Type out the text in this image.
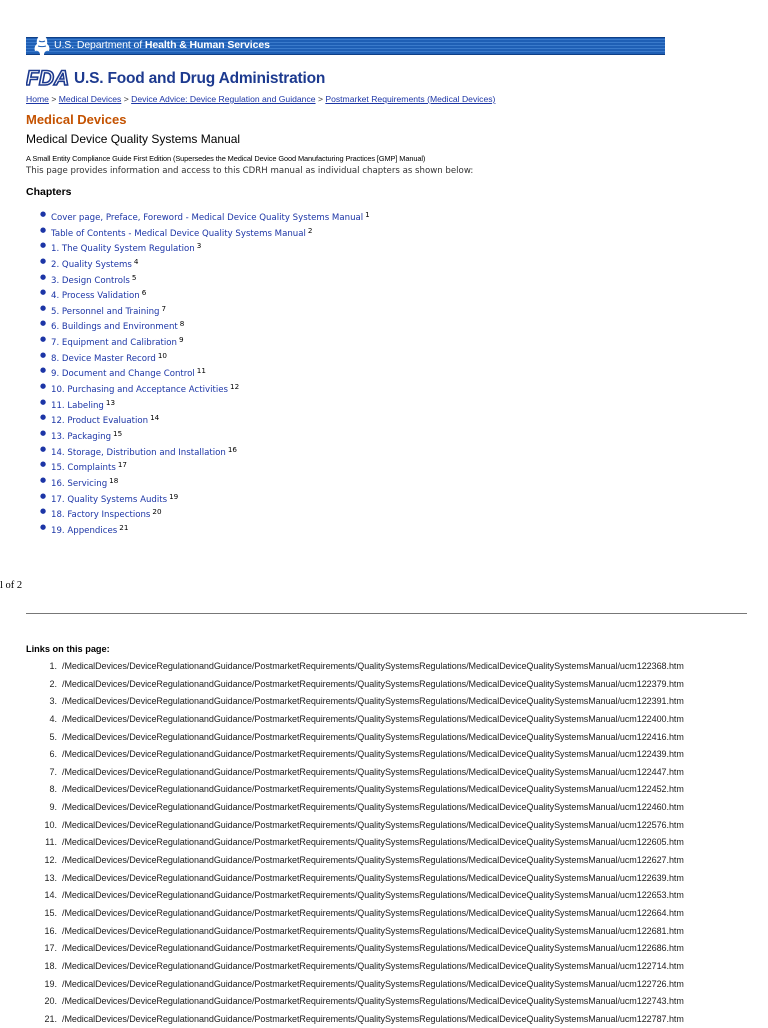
U.S. Department of Health & Human Services
FDA U.S. Food and Drug Administration
Home > Medical Devices > Device Advice: Device Regulation and Guidance > Postmarket Requirements (Medical Devices)
Medical Devices
Medical Device Quality Systems Manual
A Small Entity Compliance Guide First Edition (Supersedes the Medical Device Good Manufacturing Practices [GMP] Manual)
This page provides information and access to this CDRH manual as individual chapters as shown below:
Chapters
● Cover page, Preface, Foreword - Medical Device Quality Systems Manual $^1$
● Table of Contents - Medical Device Quality Systems Manual $^2$
● 1. The Quality System Regulation $^3$
● 2. Quality Systems $^4$
● 3. Design Controls $^5$
● 4. Process Validation $^6$
● 5. Personnel and Training $^7$
● 6. Buildings and Environment $^8$
● 7. Equipment and Calibration $^9$
● 8. Device Master Record $^{10}$
● 9. Document and Change Control $^{11}$
● 10. Purchasing and Acceptance Activities $^{12}$
● 11. Labeling $^{13}$
● 12. Product Evaluation $^{14}$
● 13. Packaging $^{15}$
● 14. Storage, Distribution and Installation $^{16}$
● 15. Complaints $^{17}$
● 16. Servicing $^{18}$
● 17. Quality Systems Audits $^{19}$
● 18. Factory Inspections $^{20}$
● 19. Appendices $^{21}$
l of 2
Links on this page:
1. /MedicalDevices/DeviceRegulationandGuidance/PostmarketRequirements/QualitySystemsRegulations/MedicalDeviceQualitySystemsManual/ucm122368.htm
2. /MedicalDevices/DeviceRegulationandGuidance/PostmarketRequirements/QualitySystemsRegulations/MedicalDeviceQualitySystemsManual/ucm122379.htm
3. /MedicalDevices/DeviceRegulationandGuidance/PostmarketRequirements/QualitySystemsRegulations/MedicalDeviceQualitySystemsManual/ucm122391.htm
4. /MedicalDevices/DeviceRegulationandGuidance/PostmarketRequirements/QualitySystemsRegulations/MedicalDeviceQualitySystemsManual/ucm122400.htm
5. /MedicalDevices/DeviceRegulationandGuidance/PostmarketRequirements/QualitySystemsRegulations/MedicalDeviceQualitySystemsManual/ucm122416.htm
6. /MedicalDevices/DeviceRegulationandGuidance/PostmarketRequirements/QualitySystemsRegulations/MedicalDeviceQualitySystemsManual/ucm122439.htm
7. /MedicalDevices/DeviceRegulationandGuidance/PostmarketRequirements/QualitySystemsRegulations/MedicalDeviceQualitySystemsManual/ucm122447.htm
8. /MedicalDevices/DeviceRegulationandGuidance/PostmarketRequirements/QualitySystemsRegulations/MedicalDeviceQualitySystemsManual/ucm122452.htm
9. /MedicalDevices/DeviceRegulationandGuidance/PostmarketRequirements/QualitySystemsRegulations/MedicalDeviceQualitySystemsManual/ucm122460.htm
10. /MedicalDevices/DeviceRegulationandGuidance/PostmarketRequirements/QualitySystemsRegulations/MedicalDeviceQualitySystemsManual/ucm122576.htm
11. /MedicalDevices/DeviceRegulationandGuidance/PostmarketRequirements/QualitySystemsRegulations/MedicalDeviceQualitySystemsManual/ucm122605.htm
12. /MedicalDevices/DeviceRegulationandGuidance/PostmarketRequirements/QualitySystemsRegulations/MedicalDeviceQualitySystemsManual/ucm122627.htm
13. /MedicalDevices/DeviceRegulationandGuidance/PostmarketRequirements/QualitySystemsRegulations/MedicalDeviceQualitySystemsManual/ucm122639.htm
14. /MedicalDevices/DeviceRegulationandGuidance/PostmarketRequirements/QualitySystemsRegulations/MedicalDeviceQualitySystemsManual/ucm122653.htm
15. /MedicalDevices/DeviceRegulationandGuidance/PostmarketRequirements/QualitySystemsRegulations/MedicalDeviceQualitySystemsManual/ucm122664.htm
16. /MedicalDevices/DeviceRegulationandGuidance/PostmarketRequirements/QualitySystemsRegulations/MedicalDeviceQualitySystemsManual/ucm122681.htm
17. /MedicalDevices/DeviceRegulationandGuidance/PostmarketRequirements/QualitySystemsRegulations/MedicalDeviceQualitySystemsManual/ucm122686.htm
18. /MedicalDevices/DeviceRegulationandGuidance/PostmarketRequirements/QualitySystemsRegulations/MedicalDeviceQualitySystemsManual/ucm122714.htm
19. /MedicalDevices/DeviceRegulationandGuidance/PostmarketRequirements/QualitySystemsRegulations/MedicalDeviceQualitySystemsManual/ucm122726.htm
20. /MedicalDevices/DeviceRegulationandGuidance/PostmarketRequirements/QualitySystemsRegulations/MedicalDeviceQualitySystemsManual/ucm122743.htm
21. /MedicalDevices/DeviceRegulationandGuidance/PostmarketRequirements/QualitySystemsRegulations/MedicalDeviceQualitySystemsManual/ucm122787.htm
